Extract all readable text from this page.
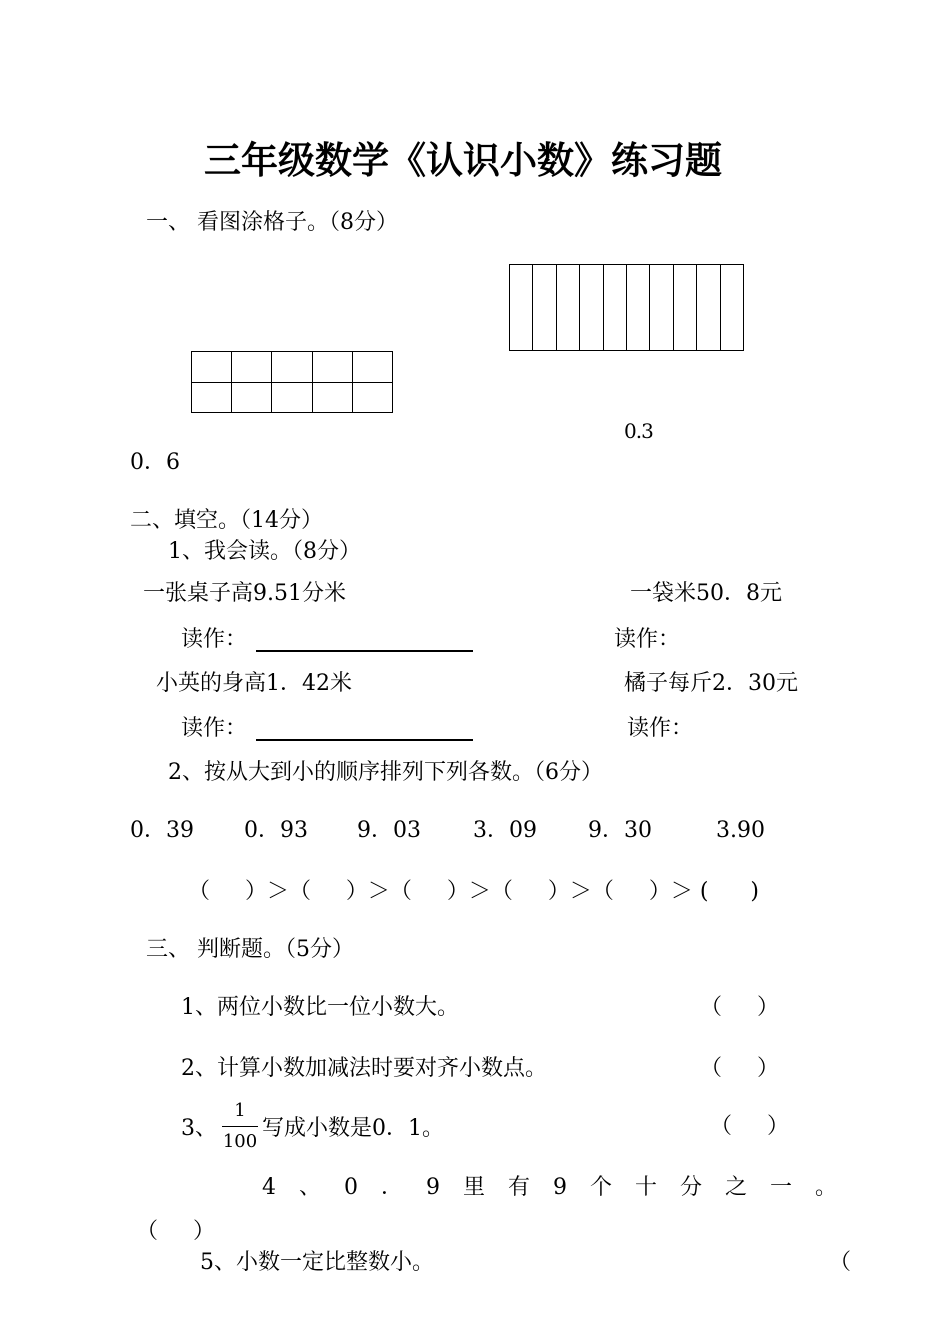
三年级数学《认识小数》练习题
一、 看图涂格子。（8分）

0.3
0．6
二、填空。（14分）
1、我会读。（8分）
一张桌子高9.51分米	一袋米50．8元
读作：	读作：
小英的身高1．42米	橘子每斤2．30元
读作：	读作：
2、按从大到小的顺序排列下列各数。（6分）
0．39 0．93 9．03 3．09 9．30	3.90
（     ）＞（     ）＞（     ）＞（     ）＞（     ）＞ (      )
三、 判断题。（5分）
1、两位小数比一位小数大。	（     ）
2、计算小数加减法时要对齐小数点。	（     ）
3、
1
100
写成小数是0．1。	（     ）
4、0．9里有9个十分之一。
（     ）
5、小数一定比整数小。	（
